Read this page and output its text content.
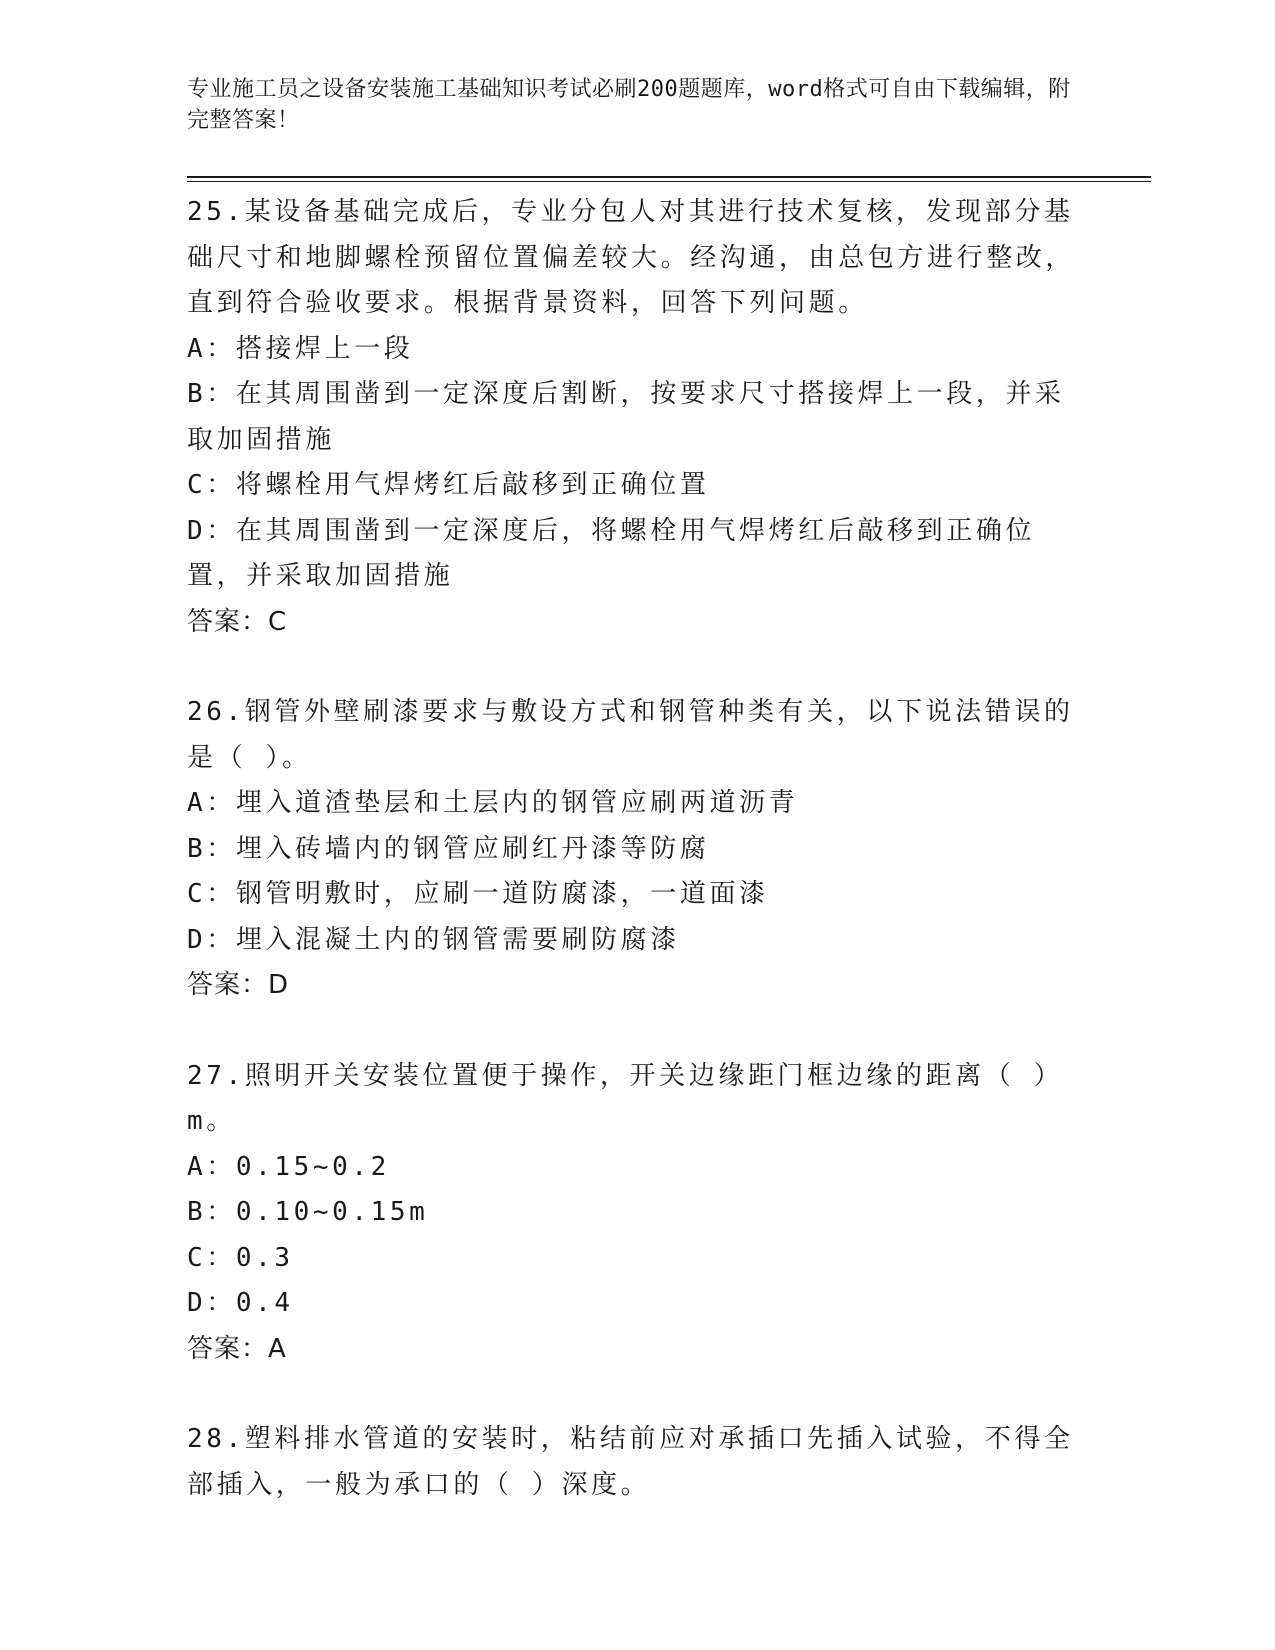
专业施工员之设备安装施工基础知识考试必刷200题题库，word格式可自由下载编辑，附完整答案！
25.某设备基础完成后，专业分包人对其进行技术复核，发现部分基础尺寸和地脚螺栓预留位置偏差较大。经沟通，由总包方进行整改，直到符合验收要求。根据背景资料，回答下列问题。
A：搭接焊上一段
B：在其周围凿到一定深度后割断，按要求尺寸搭接焊上一段，并采取加固措施
C：将螺栓用气焊烤红后敲移到正确位置
D：在其周围凿到一定深度后，将螺栓用气焊烤红后敲移到正确位置，并采取加固措施
答案：C
26.钢管外壁刷漆要求与敷设方式和钢管种类有关，以下说法错误的是（ ）。
A：埋入道渣垫层和土层内的钢管应刷两道沥青
B：埋入砖墙内的钢管应刷红丹漆等防腐
C：钢管明敷时，应刷一道防腐漆，一道面漆
D：埋入混凝土内的钢管需要刷防腐漆
答案：D
27.照明开关安装位置便于操作，开关边缘距门框边缘的距离（ ）m。
A：0.15~0.2
B：0.10~0.15m
C：0.3
D：0.4
答案：A
28.塑料排水管道的安装时，粘结前应对承插口先插入试验，不得全部插入，一般为承口的（ ）深度。
